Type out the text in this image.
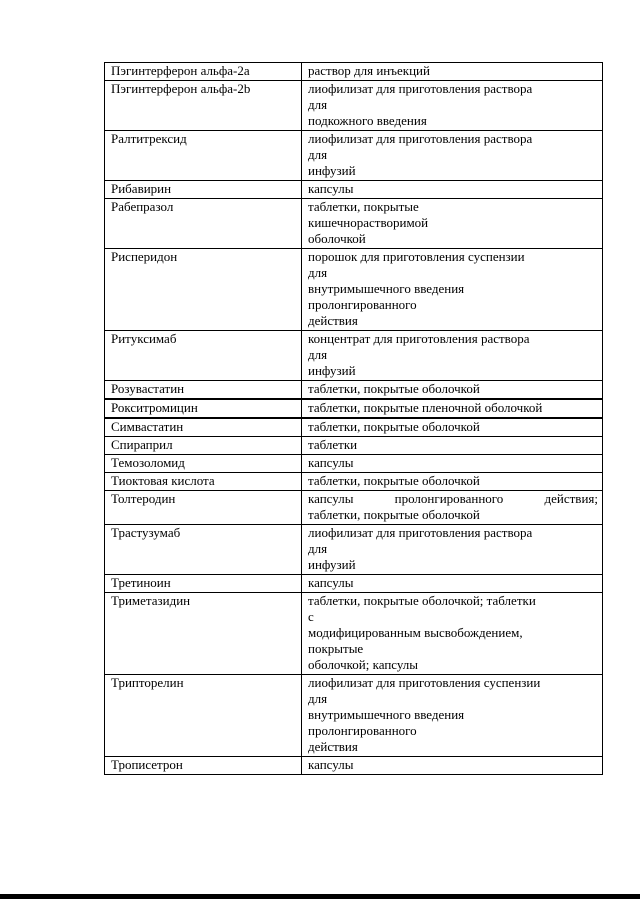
Пэгинтерферон альфа-2а	раствор для инъекций

Пэгинтерферон альфа-2b	лиофилизат для приготовления раствора
для
подкожного введения

Ралтитрексид	лиофилизат для приготовления раствора
для
инфузий

Рибавирин	капсулы

Рабепразол	таблетки, покрытые
кишечнорастворимой
оболочкой

Рисперидон	порошок для приготовления суспензии
для
внутримышечного введения
пролонгированного
действия

Ритуксимаб	концентрат для приготовления раствора
для
инфузий

Розувастатин	таблетки, покрытые оболочкой

Рокситромицин	таблетки, покрытые пленочной оболочкой

Симвастатин	таблетки, покрытые оболочкой

Спираприл	таблетки

Темозоломид	капсулы

Тиоктовая кислота	таблетки, покрытые оболочкой

Толтеродин	капсулы пролонгированного действия;
таблетки, покрытые оболочкой

Трастузумаб	лиофилизат для приготовления раствора
для
инфузий

Третиноин	капсулы

Триметазидин	таблетки, покрытые оболочкой; таблетки
с
модифицированным высвобождением,
покрытые
оболочкой; капсулы

Трипторелин	лиофилизат для приготовления суспензии
для
внутримышечного введения
пролонгированного
действия

Трописетрон	капсулы
